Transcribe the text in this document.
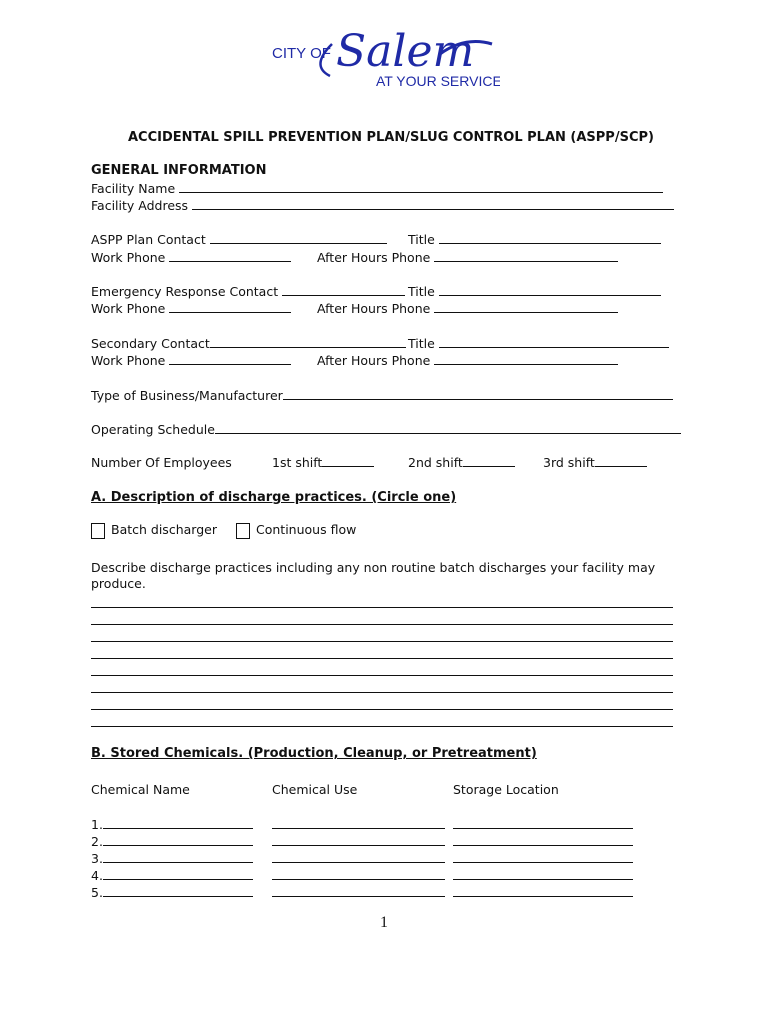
CITY OF Salem
AT YOUR SERVICE
ACCIDENTAL SPILL PREVENTION PLAN/SLUG CONTROL PLAN (ASPP/SCP)
GENERAL INFORMATION
Facility Name
Facility Address
ASPP Plan Contact	Title
Work Phone	After Hours Phone
Emergency Response Contact	Title
Work Phone	After Hours Phone
Secondary Contact	Title
Work Phone	After Hours Phone
Type of Business/Manufacturer
Operating Schedule
Number Of Employees	1st shift	2nd shift	3rd shift
A. Description of discharge practices. (Circle one)
Batch discharger	Continuous flow
Describe discharge practices including any non routine batch discharges your facility may
produce.
B. Stored Chemicals. (Production, Cleanup, or Pretreatment)
Chemical Name	Chemical Use	Storage Location
1.
2.
3.
4.
5.
1
